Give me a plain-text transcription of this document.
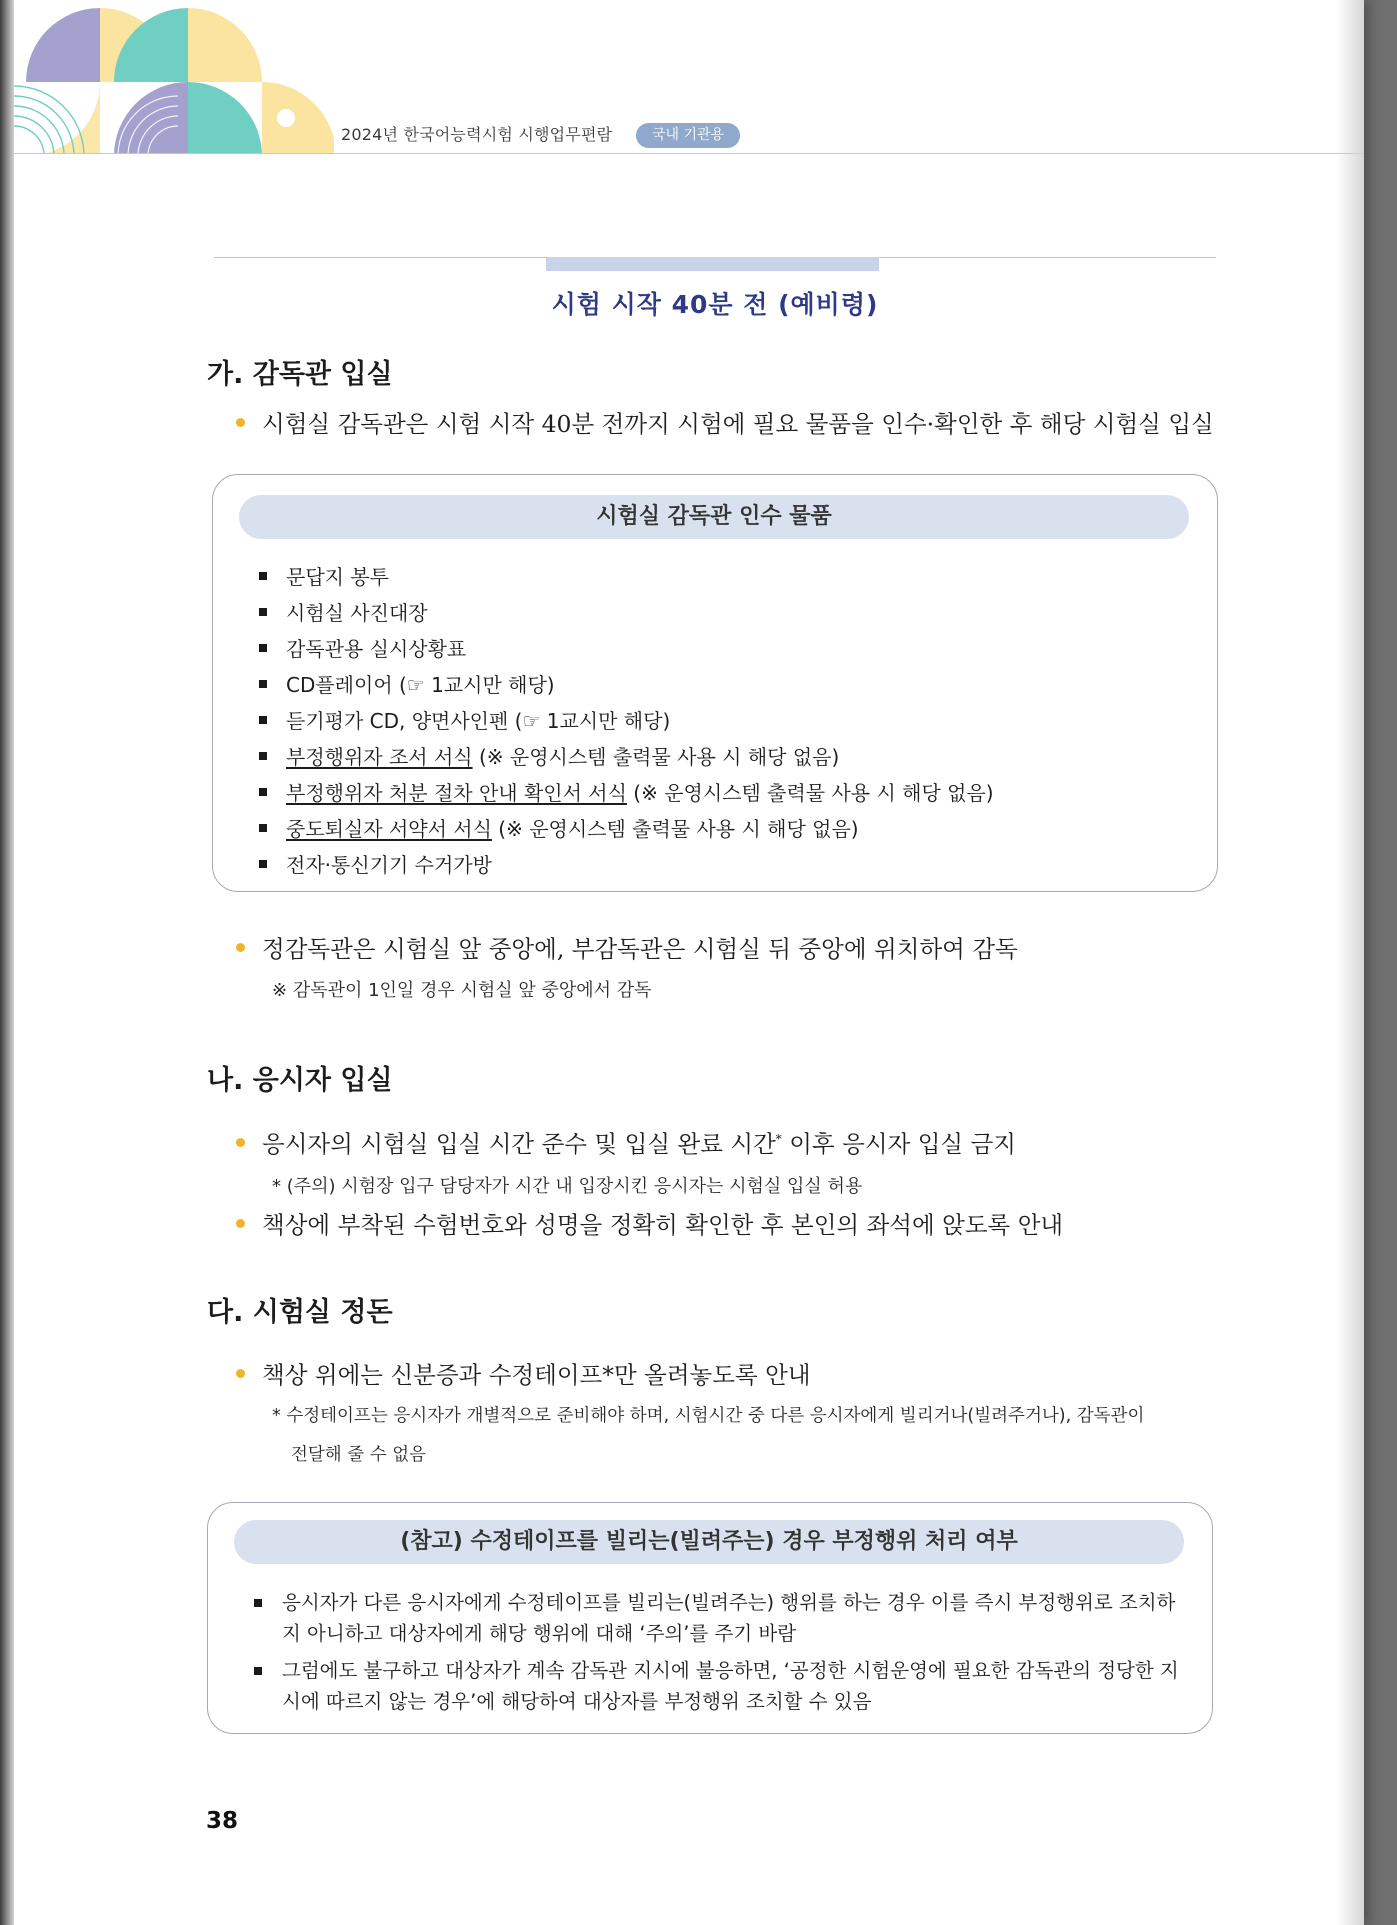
2024년 한국어능력시험 시행업무편람	국내 기관용
시험 시작 40분 전 (예비령)
가. 감독관 입실
시험실 감독관은 시험 시작 40분 전까지 시험에 필요 물품을 인수·확인한 후 해당 시험실 입실
시험실 감독관 인수 물품
문답지 봉투
시험실 사진대장
감독관용 실시상황표
CD플레이어 (☞ 1교시만 해당)
듣기평가 CD, 양면사인펜 (☞ 1교시만 해당)
부정행위자 조서 서식 (※ 운영시스템 출력물 사용 시 해당 없음)
부정행위자 처분 절차 안내 확인서 서식 (※ 운영시스템 출력물 사용 시 해당 없음)
중도퇴실자 서약서 서식 (※ 운영시스템 출력물 사용 시 해당 없음)
전자·통신기기 수거가방
정감독관은 시험실 앞 중앙에, 부감독관은 시험실 뒤 중앙에 위치하여 감독
※ 감독관이 1인일 경우 시험실 앞 중앙에서 감독
나. 응시자 입실
응시자의 시험실 입실 시간 준수 및 입실 완료 시간* 이후 응시자 입실 금지
* (주의) 시험장 입구 담당자가 시간 내 입장시킨 응시자는 시험실 입실 허용
책상에 부착된 수험번호와 성명을 정확히 확인한 후 본인의 좌석에 앉도록 안내
다. 시험실 정돈
책상 위에는 신분증과 수정테이프*만 올려놓도록 안내
* 수정테이프는 응시자가 개별적으로 준비해야 하며, 시험시간 중 다른 응시자에게 빌리거나(빌려주거나), 감독관이
전달해 줄 수 없음
(참고) 수정테이프를 빌리는(빌려주는) 경우 부정행위 처리 여부
응시자가 다른 응시자에게 수정테이프를 빌리는(빌려주는) 행위를 하는 경우 이를 즉시 부정행위로 조치하지 아니하고 대상자에게 해당 행위에 대해 ‘주의’를 주기 바람
그럼에도 불구하고 대상자가 계속 감독관 지시에 불응하면, ‘공정한 시험운영에 필요한 감독관의 정당한 지시에 따르지 않는 경우’에 해당하여 대상자를 부정행위 조치할 수 있음
38
